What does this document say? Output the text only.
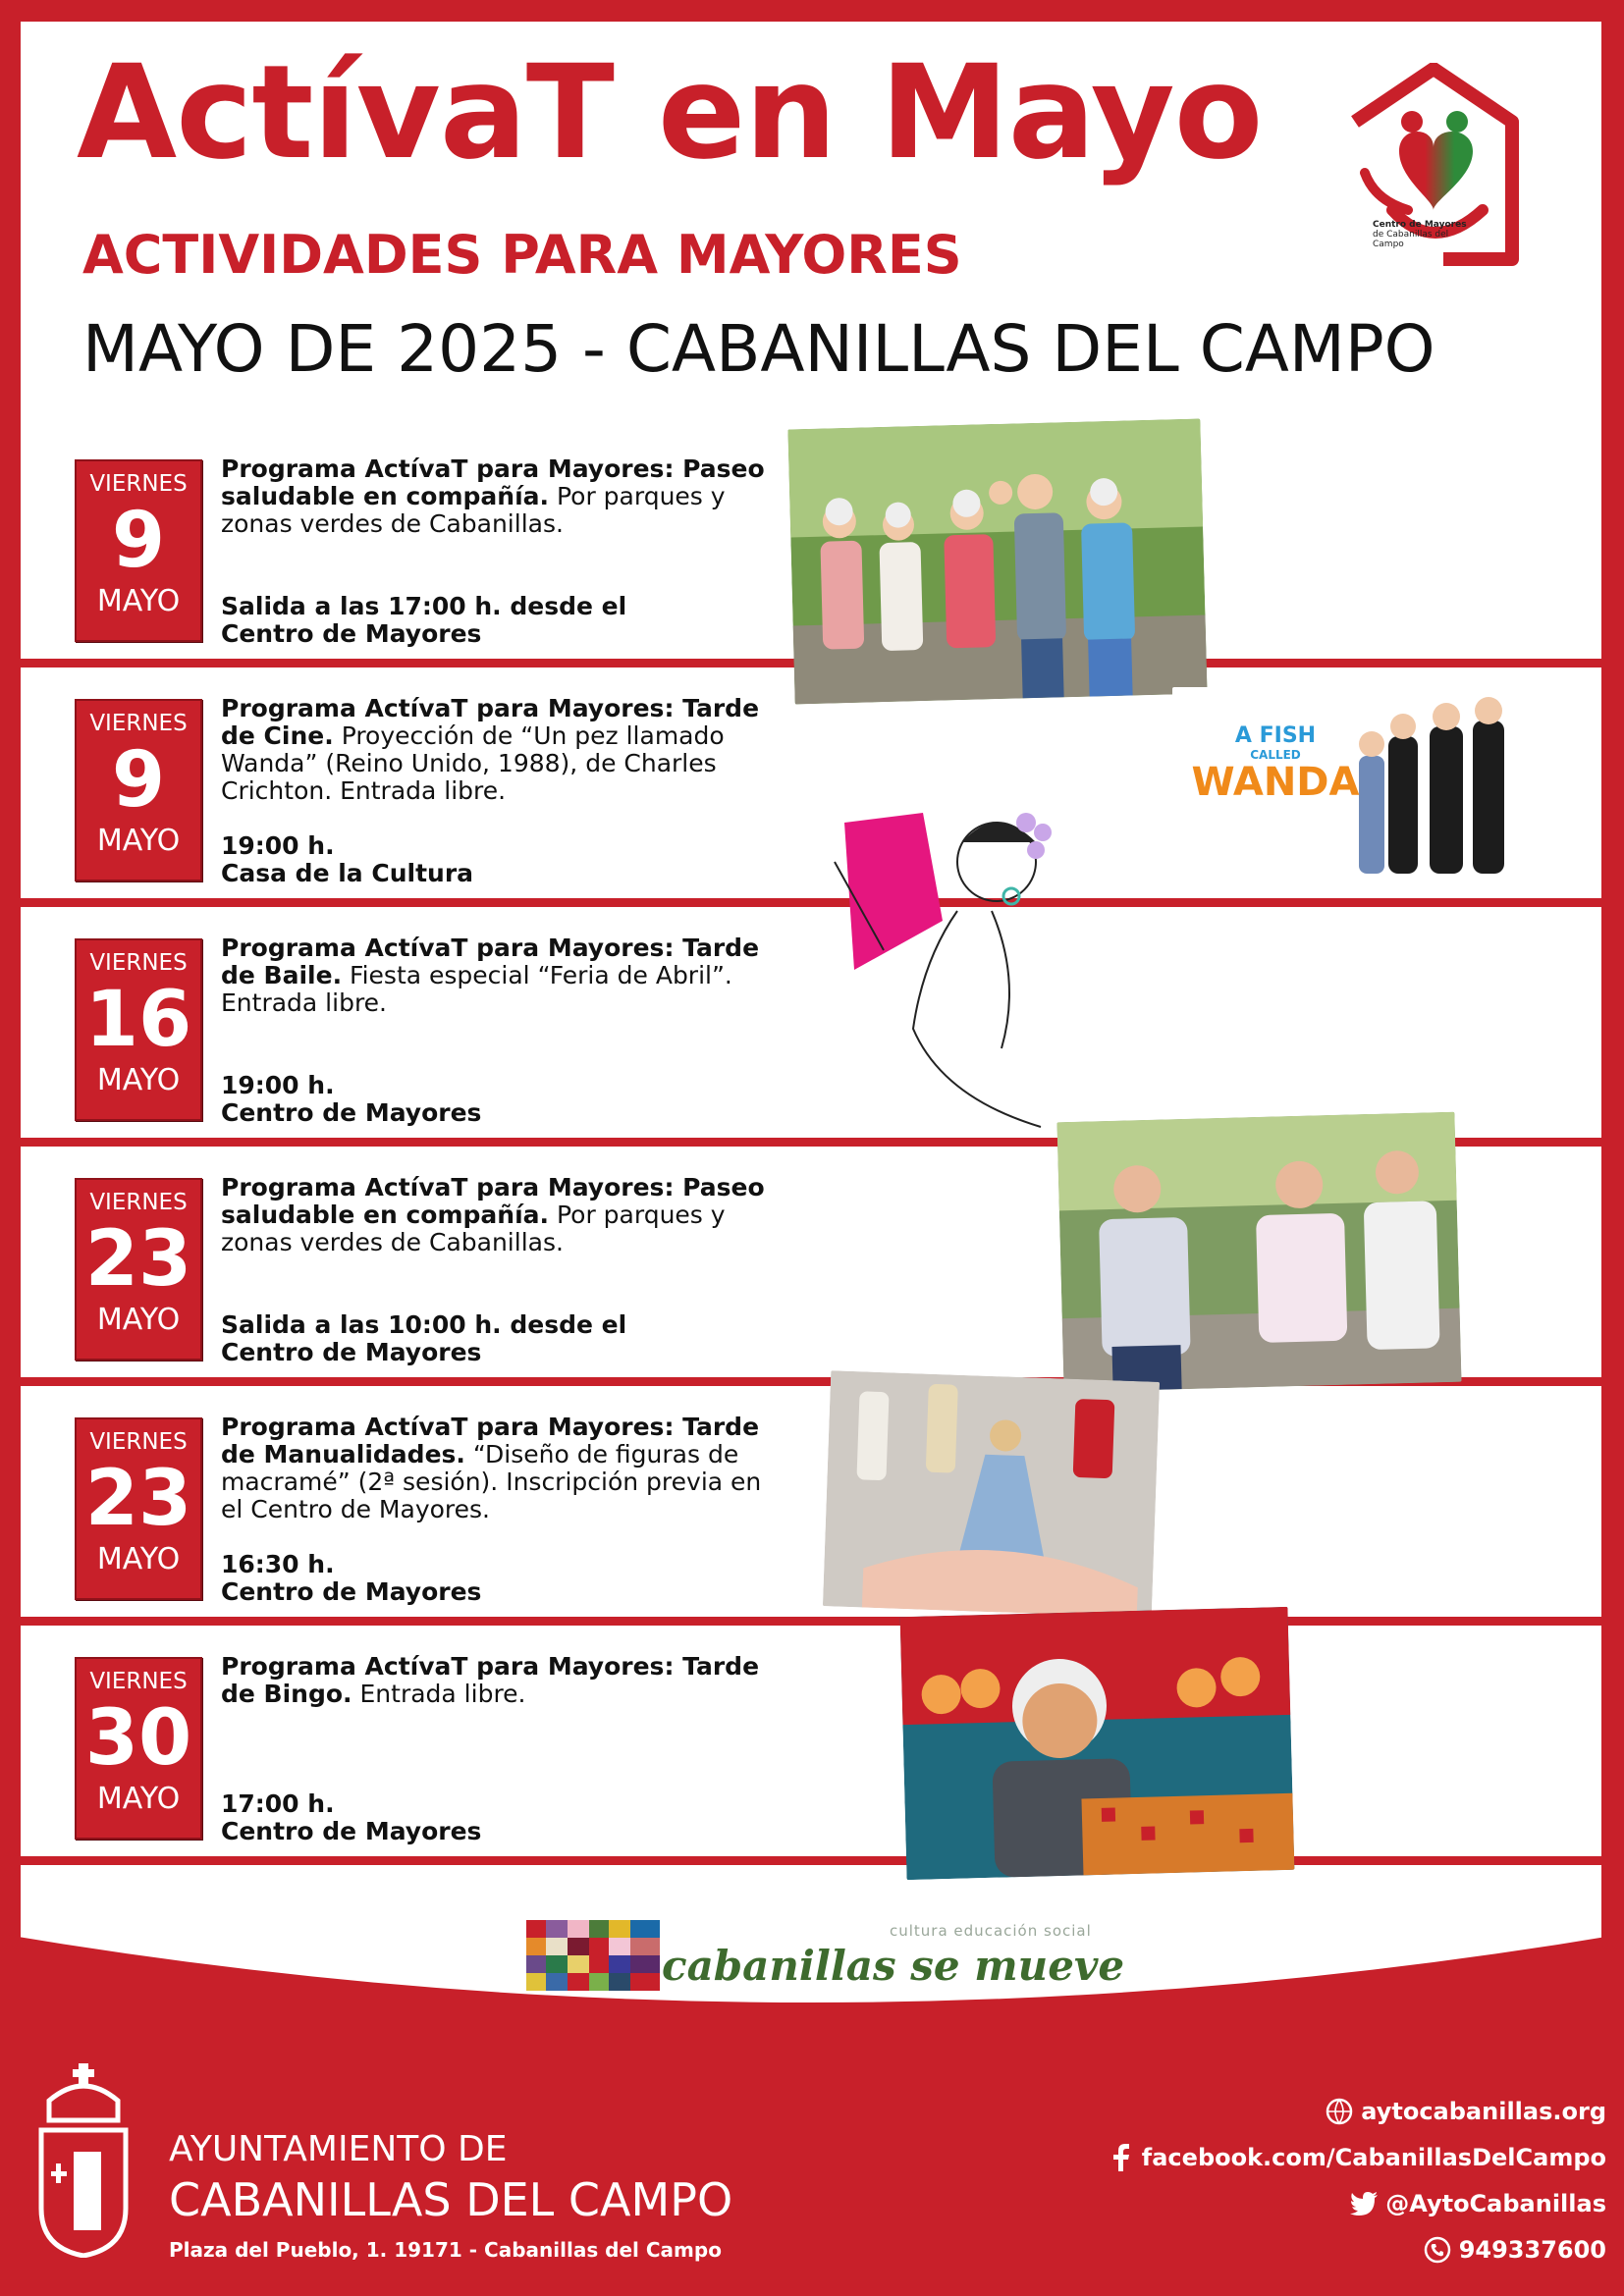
ActívaT en Mayo
ACTIVIDADES PARA MAYORES
MAYO DE 2025 - CABANILLAS DEL CAMPO
Centro de Mayores
de Cabanillas del Campo
VIERNES
9
MAYO
Programa ActívaT para Mayores: Paseo saludable en compañía. Por parques y zonas verdes de Cabanillas.
Salida a las 17:00 h. desde el
Centro de Mayores
VIERNES
9
MAYO
Programa ActívaT para Mayores: Tarde de Cine. Proyección de “Un pez llamado Wanda” (Reino Unido, 1988), de Charles Crichton. Entrada libre.
19:00 h.
Casa de la Cultura
VIERNES
16
MAYO
Programa ActívaT para Mayores: Tarde de Baile. Fiesta especial “Feria de Abril”. Entrada libre.
19:00 h.
Centro de Mayores
VIERNES
23
MAYO
Programa ActívaT para Mayores: Paseo saludable en compañía. Por parques y zonas verdes de Cabanillas.
Salida a las 10:00 h. desde el
Centro de Mayores
VIERNES
23
MAYO
Programa ActívaT para Mayores: Tarde de Manualidades. “Diseño de figuras de macramé” (2ª sesión). Inscripción previa en el Centro de Mayores.
16:30 h.
Centro de Mayores
VIERNES
30
MAYO
Programa ActívaT para Mayores: Tarde de Bingo. Entrada libre.
17:00 h.
Centro de Mayores
A FISH
CALLED
WANDA
cultura educación social
cabanillas se mueve
AYUNTAMIENTO DE
CABANILLAS DEL CAMPO
Plaza del Pueblo, 1. 19171 - Cabanillas del Campo
aytocabanillas.org
facebook.com/CabanillasDelCampo
@AytoCabanillas
949337600
